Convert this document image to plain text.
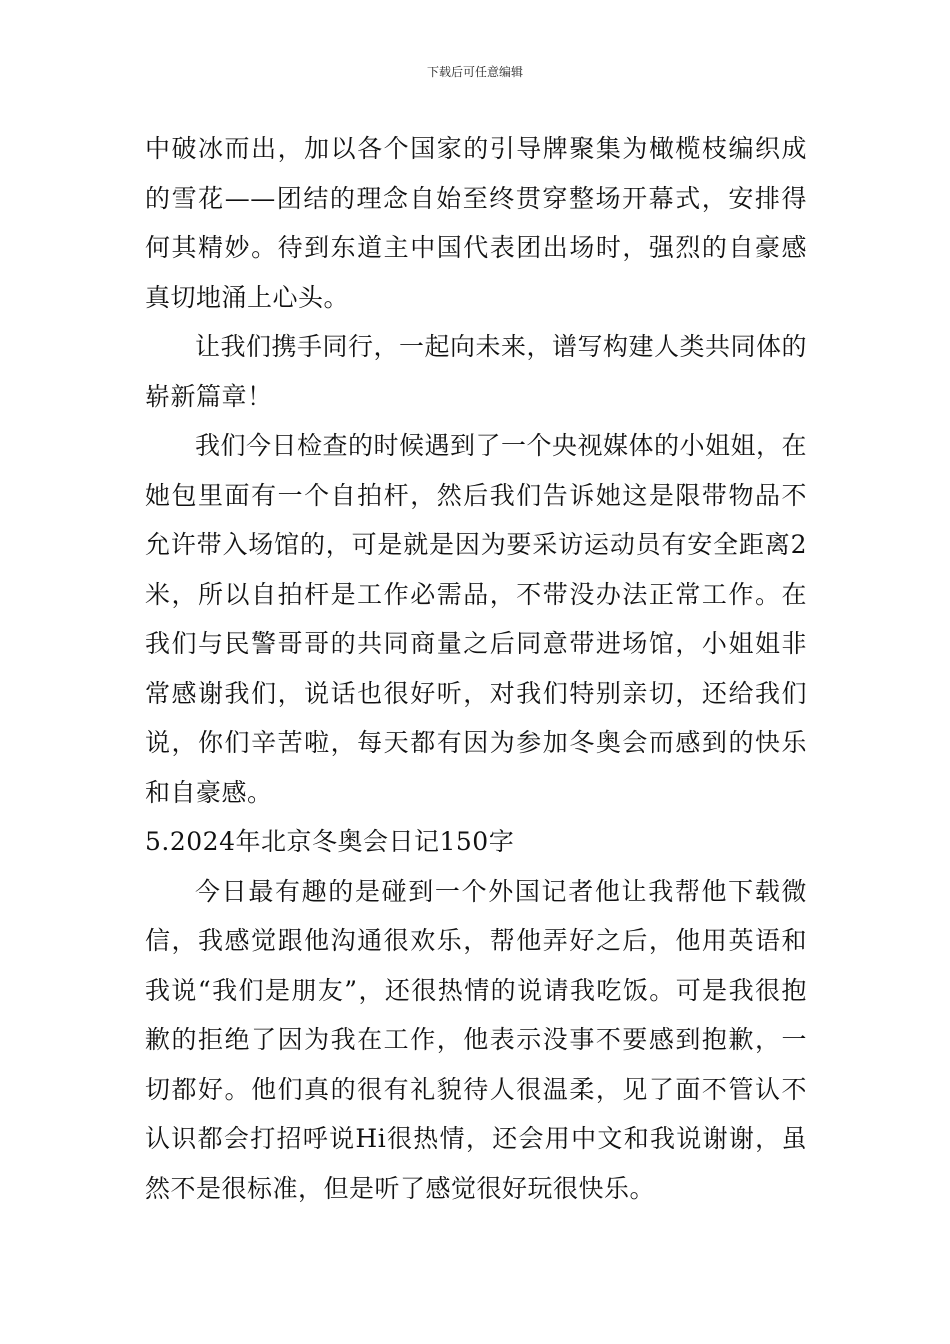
下载后可任意编辑

中破冰而出，加以各个国家的引导牌聚集为橄榄枝编织成的雪花——团结的理念自始至终贯穿整场开幕式，安排得何其精妙。待到东道主中国代表团出场时，强烈的自豪感真切地涌上心头。

让我们携手同行，一起向未来，谱写构建人类共同体的崭新篇章！

我们今日检查的时候遇到了一个央视媒体的小姐姐，在她包里面有一个自拍杆，然后我们告诉她这是限带物品不允许带入场馆的，可是就是因为要采访运动员有安全距离2米，所以自拍杆是工作必需品，不带没办法正常工作。在我们与民警哥哥的共同商量之后同意带进场馆，小姐姐非常感谢我们，说话也很好听，对我们特别亲切，还给我们说，你们辛苦啦，每天都有因为参加冬奥会而感到的快乐和自豪感。

5.2024年北京冬奥会日记150字

今日最有趣的是碰到一个外国记者他让我帮他下载微信，我感觉跟他沟通很欢乐，帮他弄好之后，他用英语和我说“我们是朋友”，还很热情的说请我吃饭。可是我很抱歉的拒绝了因为我在工作，他表示没事不要感到抱歉，一切都好。他们真的很有礼貌待人很温柔，见了面不管认不认识都会打招呼说Hi很热情，还会用中文和我说谢谢，虽然不是很标准，但是听了感觉很好玩很快乐。
